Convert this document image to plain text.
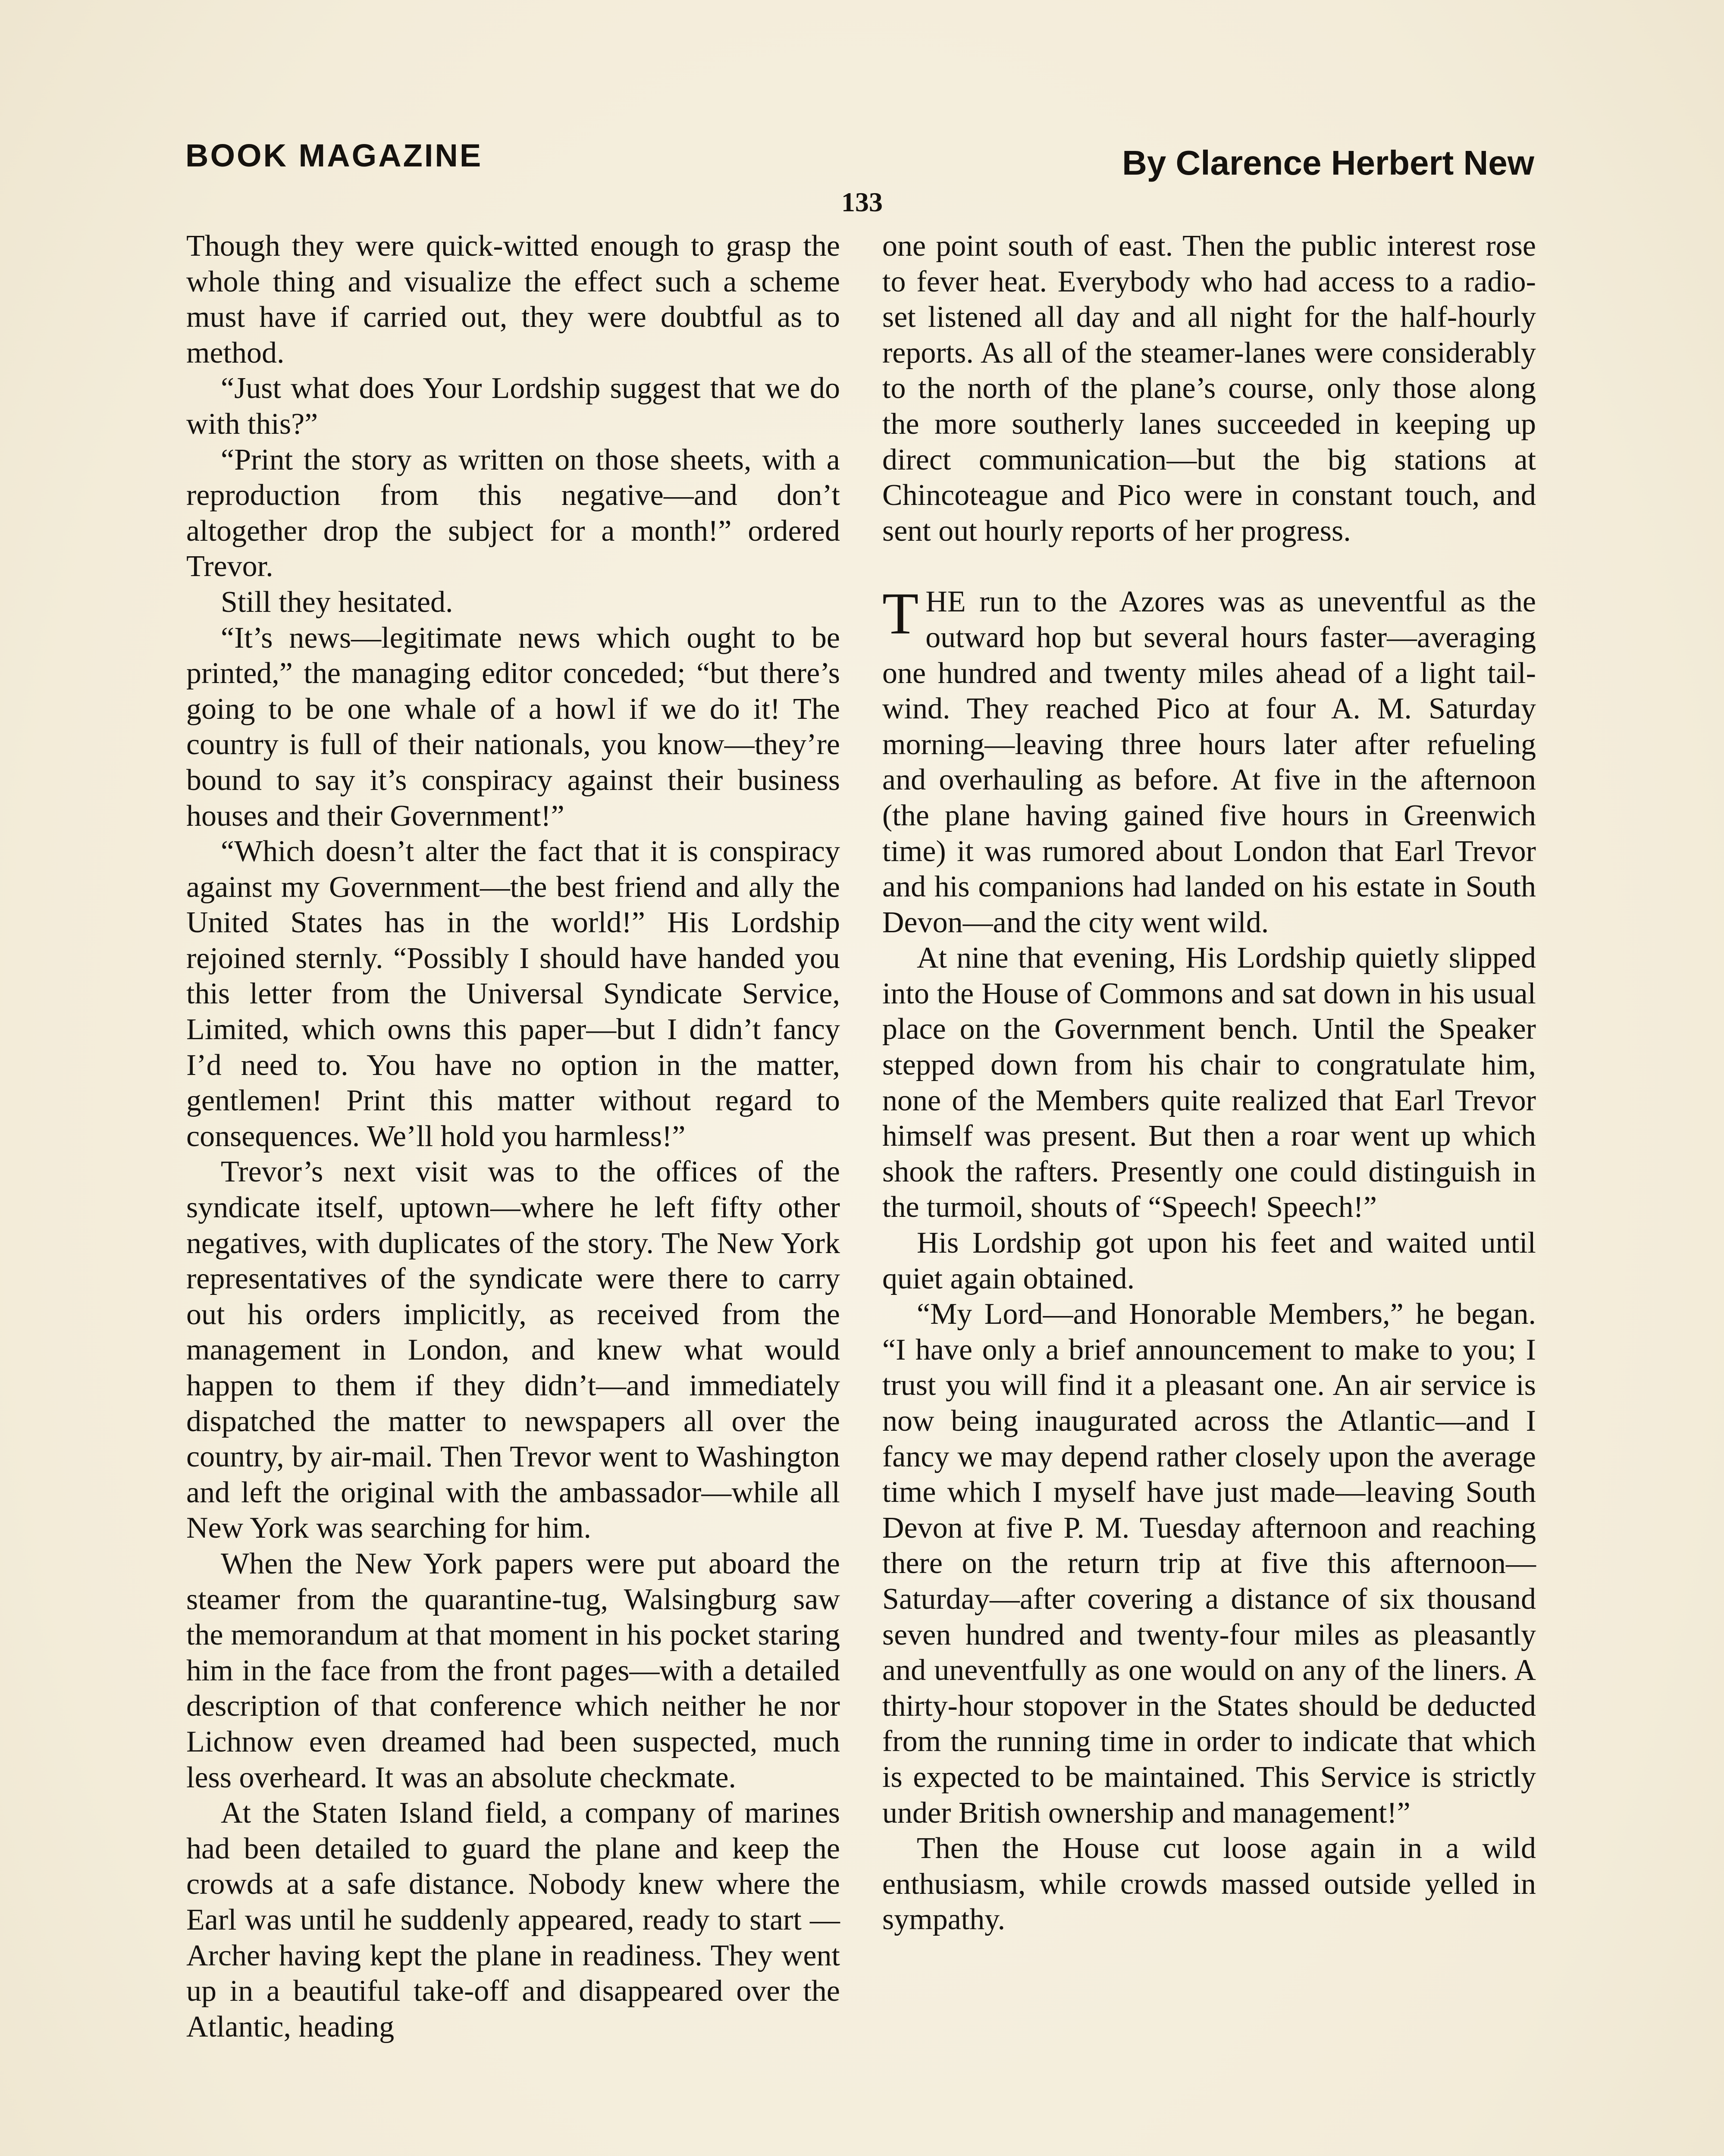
BOOK MAGAZINE	By Clarence Herbert New
133

Though they were quick-witted enough to grasp the whole thing and visualize the effect such a scheme must have if carried out, they were doubtful as to method.

“Just what does Your Lordship suggest that we do with this?”

“Print the story as written on those sheets, with a reproduction from this negative—and don’t altogether drop the subject for a month!” ordered Trevor.

Still they hesitated.

“It’s news—legitimate news which ought to be printed,” the managing editor conceded; “but there’s going to be one whale of a howl if we do it! The country is full of their nationals, you know—they’re bound to say it’s conspiracy against their business houses and their Government!”

“Which doesn’t alter the fact that it is conspiracy against my Government—the best friend and ally the United States has in the world!” His Lordship rejoined sternly. “Possibly I should have handed you this letter from the Universal Syndicate Service, Limited, which owns this paper—but I didn’t fancy I’d need to. You have no option in the matter, gentlemen! Print this matter without regard to consequences. We’ll hold you harmless!”

Trevor’s next visit was to the offices of the syndicate itself, uptown—where he left fifty other negatives, with duplicates of the story. The New York representatives of the syndicate were there to carry out his orders implicitly, as received from the management in London, and knew what would happen to them if they didn’t—and immediately dispatched the matter to newspapers all over the country, by air-mail. Then Trevor went to Washington and left the original with the ambassador—while all New York was searching for him.

When the New York papers were put aboard the steamer from the quarantine-tug, Walsingburg saw the memorandum at that moment in his pocket staring him in the face from the front pages—with a detailed description of that conference which neither he nor Lichnow even dreamed had been suspected, much less overheard. It was an absolute checkmate.

At the Staten Island field, a company of marines had been detailed to guard the plane and keep the crowds at a safe distance. Nobody knew where the Earl was until he suddenly appeared, ready to start —Archer having kept the plane in readiness. They went up in a beautiful take-off and disappeared over the Atlantic, heading

one point south of east. Then the public interest rose to fever heat. Everybody who had access to a radio-set listened all day and all night for the half-hourly reports. As all of the steamer-lanes were considerably to the north of the plane’s course, only those along the more southerly lanes succeeded in keeping up direct communication—but the big stations at Chincoteague and Pico were in constant touch, and sent out hourly reports of her progress.

THE run to the Azores was as uneventful as the outward hop but several hours faster—averaging one hundred and twenty miles ahead of a light tail-wind. They reached Pico at four A. M. Saturday morning—leaving three hours later after refueling and overhauling as before. At five in the afternoon (the plane having gained five hours in Greenwich time) it was rumored about London that Earl Trevor and his companions had landed on his estate in South Devon—and the city went wild.

At nine that evening, His Lordship quietly slipped into the House of Commons and sat down in his usual place on the Government bench. Until the Speaker stepped down from his chair to congratulate him, none of the Members quite realized that Earl Trevor himself was present. But then a roar went up which shook the rafters. Presently one could distinguish in the turmoil, shouts of “Speech! Speech!”

His Lordship got upon his feet and waited until quiet again obtained.

“My Lord—and Honorable Members,” he began. “I have only a brief announcement to make to you; I trust you will find it a pleasant one. An air service is now being inaugurated across the Atlantic—and I fancy we may depend rather closely upon the average time which I myself have just made—leaving South Devon at five P. M. Tuesday afternoon and reaching there on the return trip at five this afternoon—Saturday—after covering a distance of six thousand seven hundred and twenty-four miles as pleasantly and uneventfully as one would on any of the liners. A thirty-hour stopover in the States should be deducted from the running time in order to indicate that which is expected to be maintained. This Service is strictly under British ownership and management!”

Then the House cut loose again in a wild enthusiasm, while crowds massed outside yelled in sympathy.
